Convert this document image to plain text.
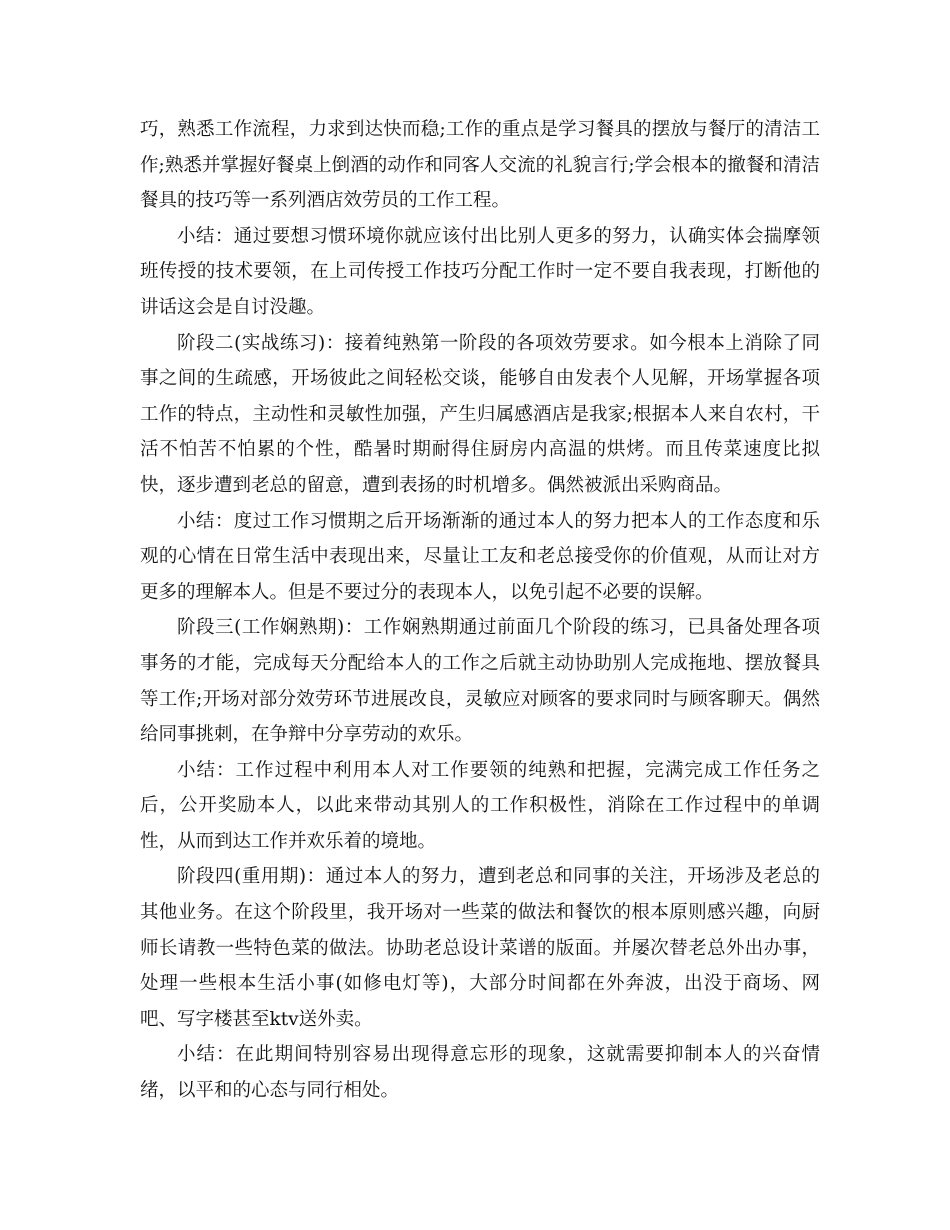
巧，熟悉工作流程，力求到达快而稳;工作的重点是学习餐具的摆放与餐厅的清洁工作;熟悉并掌握好餐桌上倒酒的动作和同客人交流的礼貌言行;学会根本的撤餐和清洁餐具的技巧等一系列酒店效劳员的工作工程。

小结：通过要想习惯环境你就应该付出比别人更多的努力，认确实体会揣摩领班传授的技术要领，在上司传授工作技巧分配工作时一定不要自我表现，打断他的讲话这会是自讨没趣。

阶段二(实战练习)：接着纯熟第一阶段的各项效劳要求。如今根本上消除了同事之间的生疏感，开场彼此之间轻松交谈，能够自由发表个人见解，开场掌握各项工作的特点，主动性和灵敏性加强，产生归属感酒店是我家;根据本人来自农村，干活不怕苦不怕累的个性，酷暑时期耐得住厨房内高温的烘烤。而且传菜速度比拟快，逐步遭到老总的留意，遭到表扬的时机增多。偶然被派出采购商品。

小结：度过工作习惯期之后开场渐渐的通过本人的努力把本人的工作态度和乐观的心情在日常生活中表现出来，尽量让工友和老总接受你的价值观，从而让对方更多的理解本人。但是不要过分的表现本人，以免引起不必要的误解。

阶段三(工作娴熟期)：工作娴熟期通过前面几个阶段的练习，已具备处理各项事务的才能，完成每天分配给本人的工作之后就主动协助别人完成拖地、摆放餐具等工作;开场对部分效劳环节进展改良，灵敏应对顾客的要求同时与顾客聊天。偶然给同事挑刺，在争辩中分享劳动的欢乐。

小结：工作过程中利用本人对工作要领的纯熟和把握，完满完成工作任务之后，公开奖励本人，以此来带动其别人的工作积极性，消除在工作过程中的单调性，从而到达工作并欢乐着的境地。

阶段四(重用期)：通过本人的努力，遭到老总和同事的关注，开场涉及老总的其他业务。在这个阶段里，我开场对一些菜的做法和餐饮的根本原则感兴趣，向厨师长请教一些特色菜的做法。协助老总设计菜谱的版面。并屡次替老总外出办事，处理一些根本生活小事(如修电灯等)，大部分时间都在外奔波，出没于商场、网吧、写字楼甚至ktv送外卖。

小结：在此期间特别容易出现得意忘形的现象，这就需要抑制本人的兴奋情绪，以平和的心态与同行相处。
